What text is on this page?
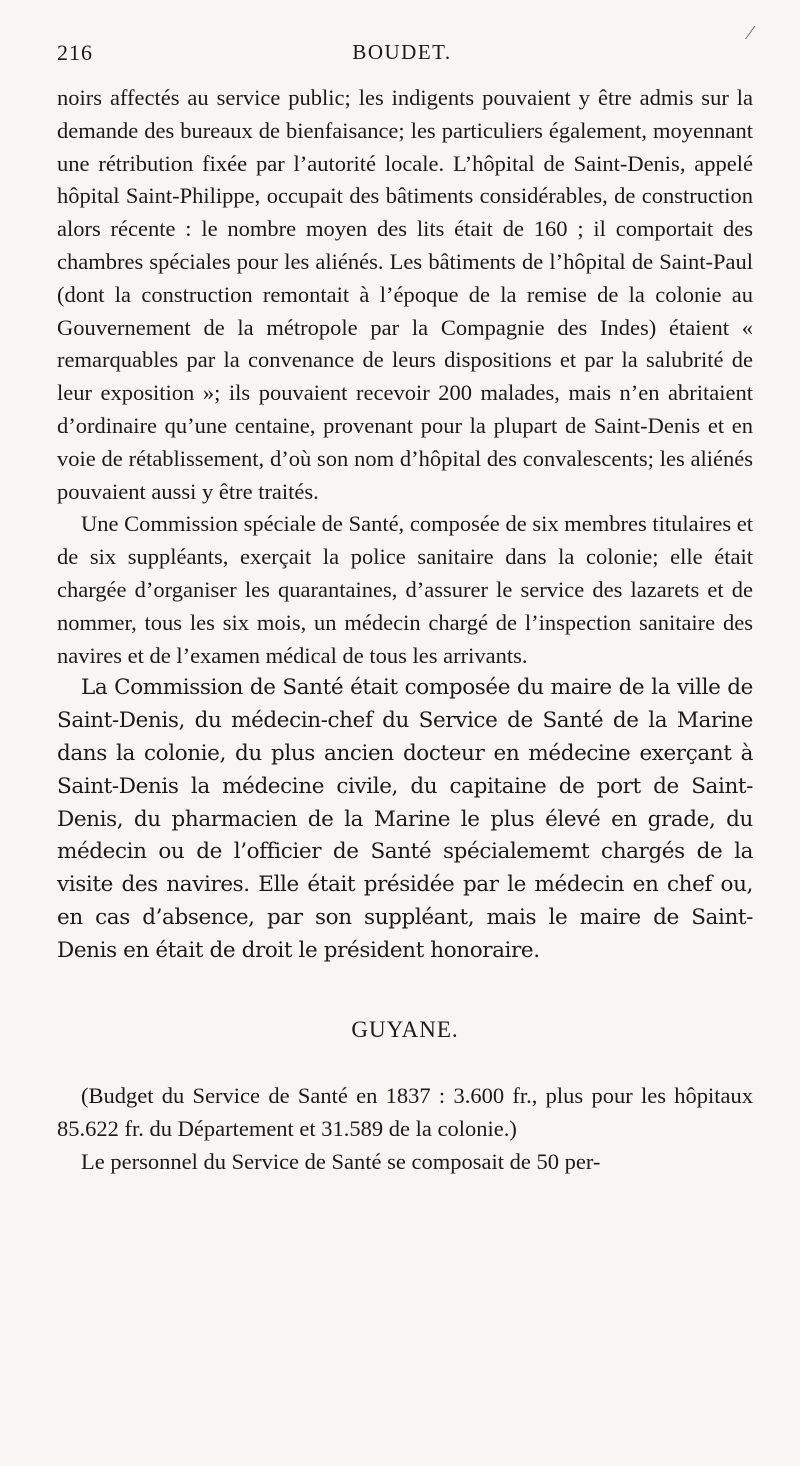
216	BOUDET.
⁄

noirs affectés au service public; les indigents pouvaient y être admis sur la demande des bureaux de bienfaisance; les particuliers également, moyennant une rétribution fixée par l’autorité locale. L’hôpital de Saint-Denis, appelé hôpital Saint-Philippe, occupait des bâtiments considérables, de construction alors récente : le nombre moyen des lits était de 160 ; il comportait des chambres spéciales pour les aliénés. Les bâtiments de l’hôpital de Saint-Paul (dont la construction remontait à l’époque de la remise de la colonie au Gouvernement de la métropole par la Compagnie des Indes) étaient « remarquables par la convenance de leurs dispositions et par la salubrité de leur exposition »; ils pouvaient recevoir 200 malades, mais n’en abritaient d’ordinaire qu’une centaine, provenant pour la plupart de Saint-Denis et en voie de rétablissement, d’où son nom d’hôpital des convalescents; les aliénés pouvaient aussi y être traités.

Une Commission spéciale de Santé, composée de six membres titulaires et de six suppléants, exerçait la police sanitaire dans la colonie; elle était chargée d’organiser les quarantaines, d’assurer le service des lazarets et de nommer, tous les six mois, un médecin chargé de l’inspection sanitaire des navires et de l’examen médical de tous les arrivants.

La Commission de Santé était composée du maire de la ville de Saint-Denis, du médecin-chef du Service de Santé de la Marine dans la colonie, du plus ancien docteur en médecine exerçant à Saint-Denis la médecine civile, du capitaine de port de Saint-Denis, du pharmacien de la Marine le plus élevé en grade, du médecin ou de l’officier de Santé spécialememt chargés de la visite des navires. Elle était présidée par le médecin en chef ou, en cas d’absence, par son suppléant, mais le maire de Saint-Denis en était de droit le président honoraire.

GUYANE.

(Budget du Service de Santé en 1837 : 3.600 fr., plus pour les hôpitaux 85.622 fr. du Département et 31.589 de la colonie.)

Le personnel du Service de Santé se composait de 50 per-
